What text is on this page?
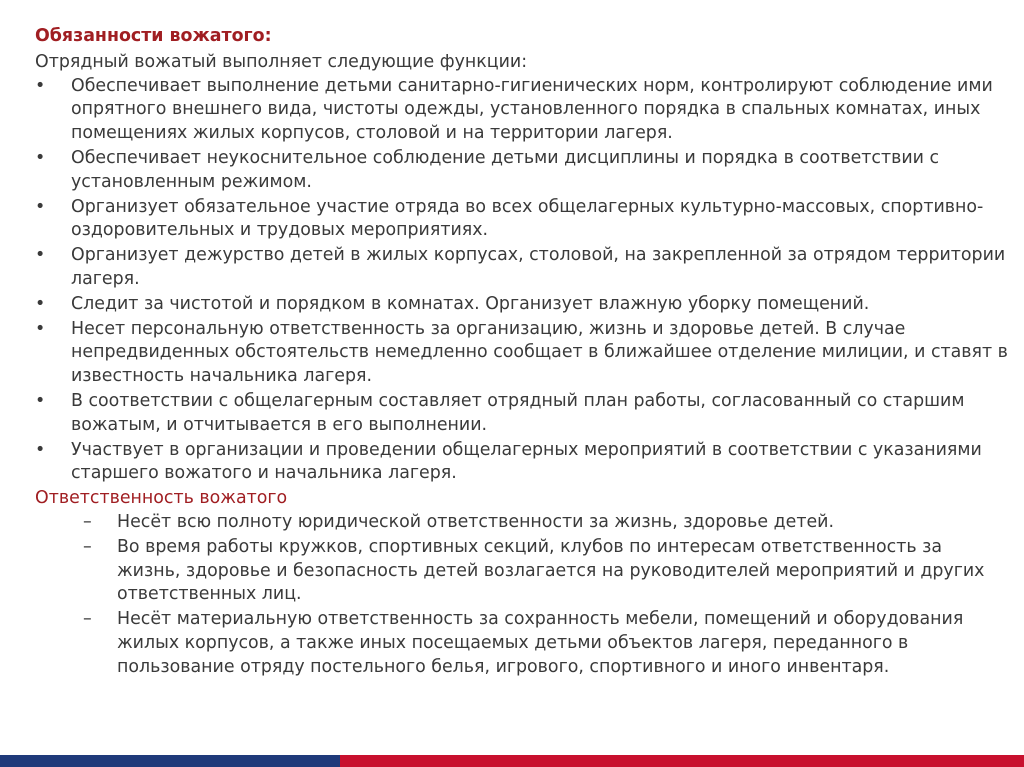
Обязанности вожатого:

Отрядный вожатый выполняет следующие функции:

• Обеспечивает выполнение детьми санитарно-гигиенических норм, контролируют соблюдение ими опрятного внешнего вида, чистоты одежды, установленного порядка в спальных комнатах, иных помещениях жилых корпусов, столовой и на территории лагеря.
• Обеспечивает неукоснительное соблюдение детьми дисциплины и порядка в соответствии с установленным режимом.
• Организует обязательное участие отряда во всех общелагерных культурно-массовых, спортивно-оздоровительных и трудовых мероприятиях.
• Организует дежурство детей в жилых корпусах, столовой, на закрепленной за отрядом территории лагеря.
• Следит за чистотой и порядком в комнатах. Организует влажную уборку помещений.
• Несет персональную ответственность за организацию, жизнь и здоровье детей. В случае непредвиденных обстоятельств немедленно сообщает в ближайшее отделение милиции, и ставят в известность начальника лагеря.
• В соответствии с общелагерным составляет отрядный план работы, согласованный со старшим вожатым, и отчитывается в его выполнении.
• Участвует в организации и проведении общелагерных мероприятий в соответствии с указаниями старшего вожатого и начальника лагеря.

Ответственность вожатого

– Несёт всю полноту юридической ответственности за жизнь, здоровье детей.
– Во время работы кружков, спортивных секций, клубов по интересам ответственность за жизнь, здоровье и безопасность детей возлагается на руководителей мероприятий и других ответственных лиц.
– Несёт материальную ответственность за сохранность мебели, помещений и оборудования жилых корпусов, а также иных посещаемых детьми объектов лагеря, переданного в пользование отряду постельного белья, игрового, спортивного и иного инвентаря.
